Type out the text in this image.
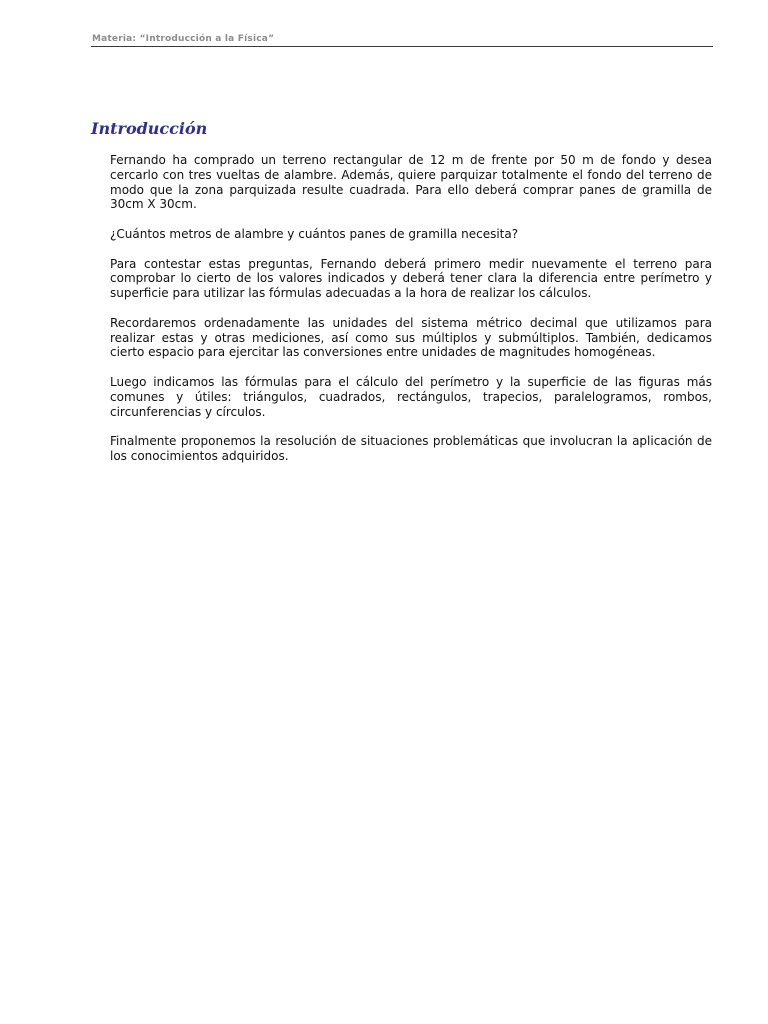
Materia: “Introducción a la Física”
Introducción

Fernando ha comprado un terreno rectangular de 12 m de frente por 50 m de fondo y desea cercarlo con tres vueltas de alambre. Además, quiere parquizar totalmente el fondo del terreno de modo que la zona parquizada resulte cuadrada. Para ello deberá comprar panes de gramilla de 30cm X 30cm.

¿Cuántos metros de alambre y cuántos panes de gramilla necesita?

Para contestar estas preguntas, Fernando deberá primero medir nuevamente el terreno para comprobar lo cierto de los valores indicados y deberá tener clara la diferencia entre perímetro y superficie para utilizar las fórmulas adecuadas a la hora de realizar los cálculos.

Recordaremos ordenadamente las unidades del sistema métrico decimal que utilizamos para realizar estas y otras mediciones, así como sus múltiplos y submúltiplos. También, dedicamos cierto espacio para ejercitar las conversiones entre unidades de magnitudes homogéneas.

Luego indicamos las fórmulas para el cálculo del perímetro y la superficie de las figuras más comunes y útiles: triángulos, cuadrados, rectángulos, trapecios, paralelogramos, rombos, circunferencias y círculos.

Finalmente proponemos la resolución de situaciones problemáticas que involucran la aplicación de los conocimientos adquiridos.
